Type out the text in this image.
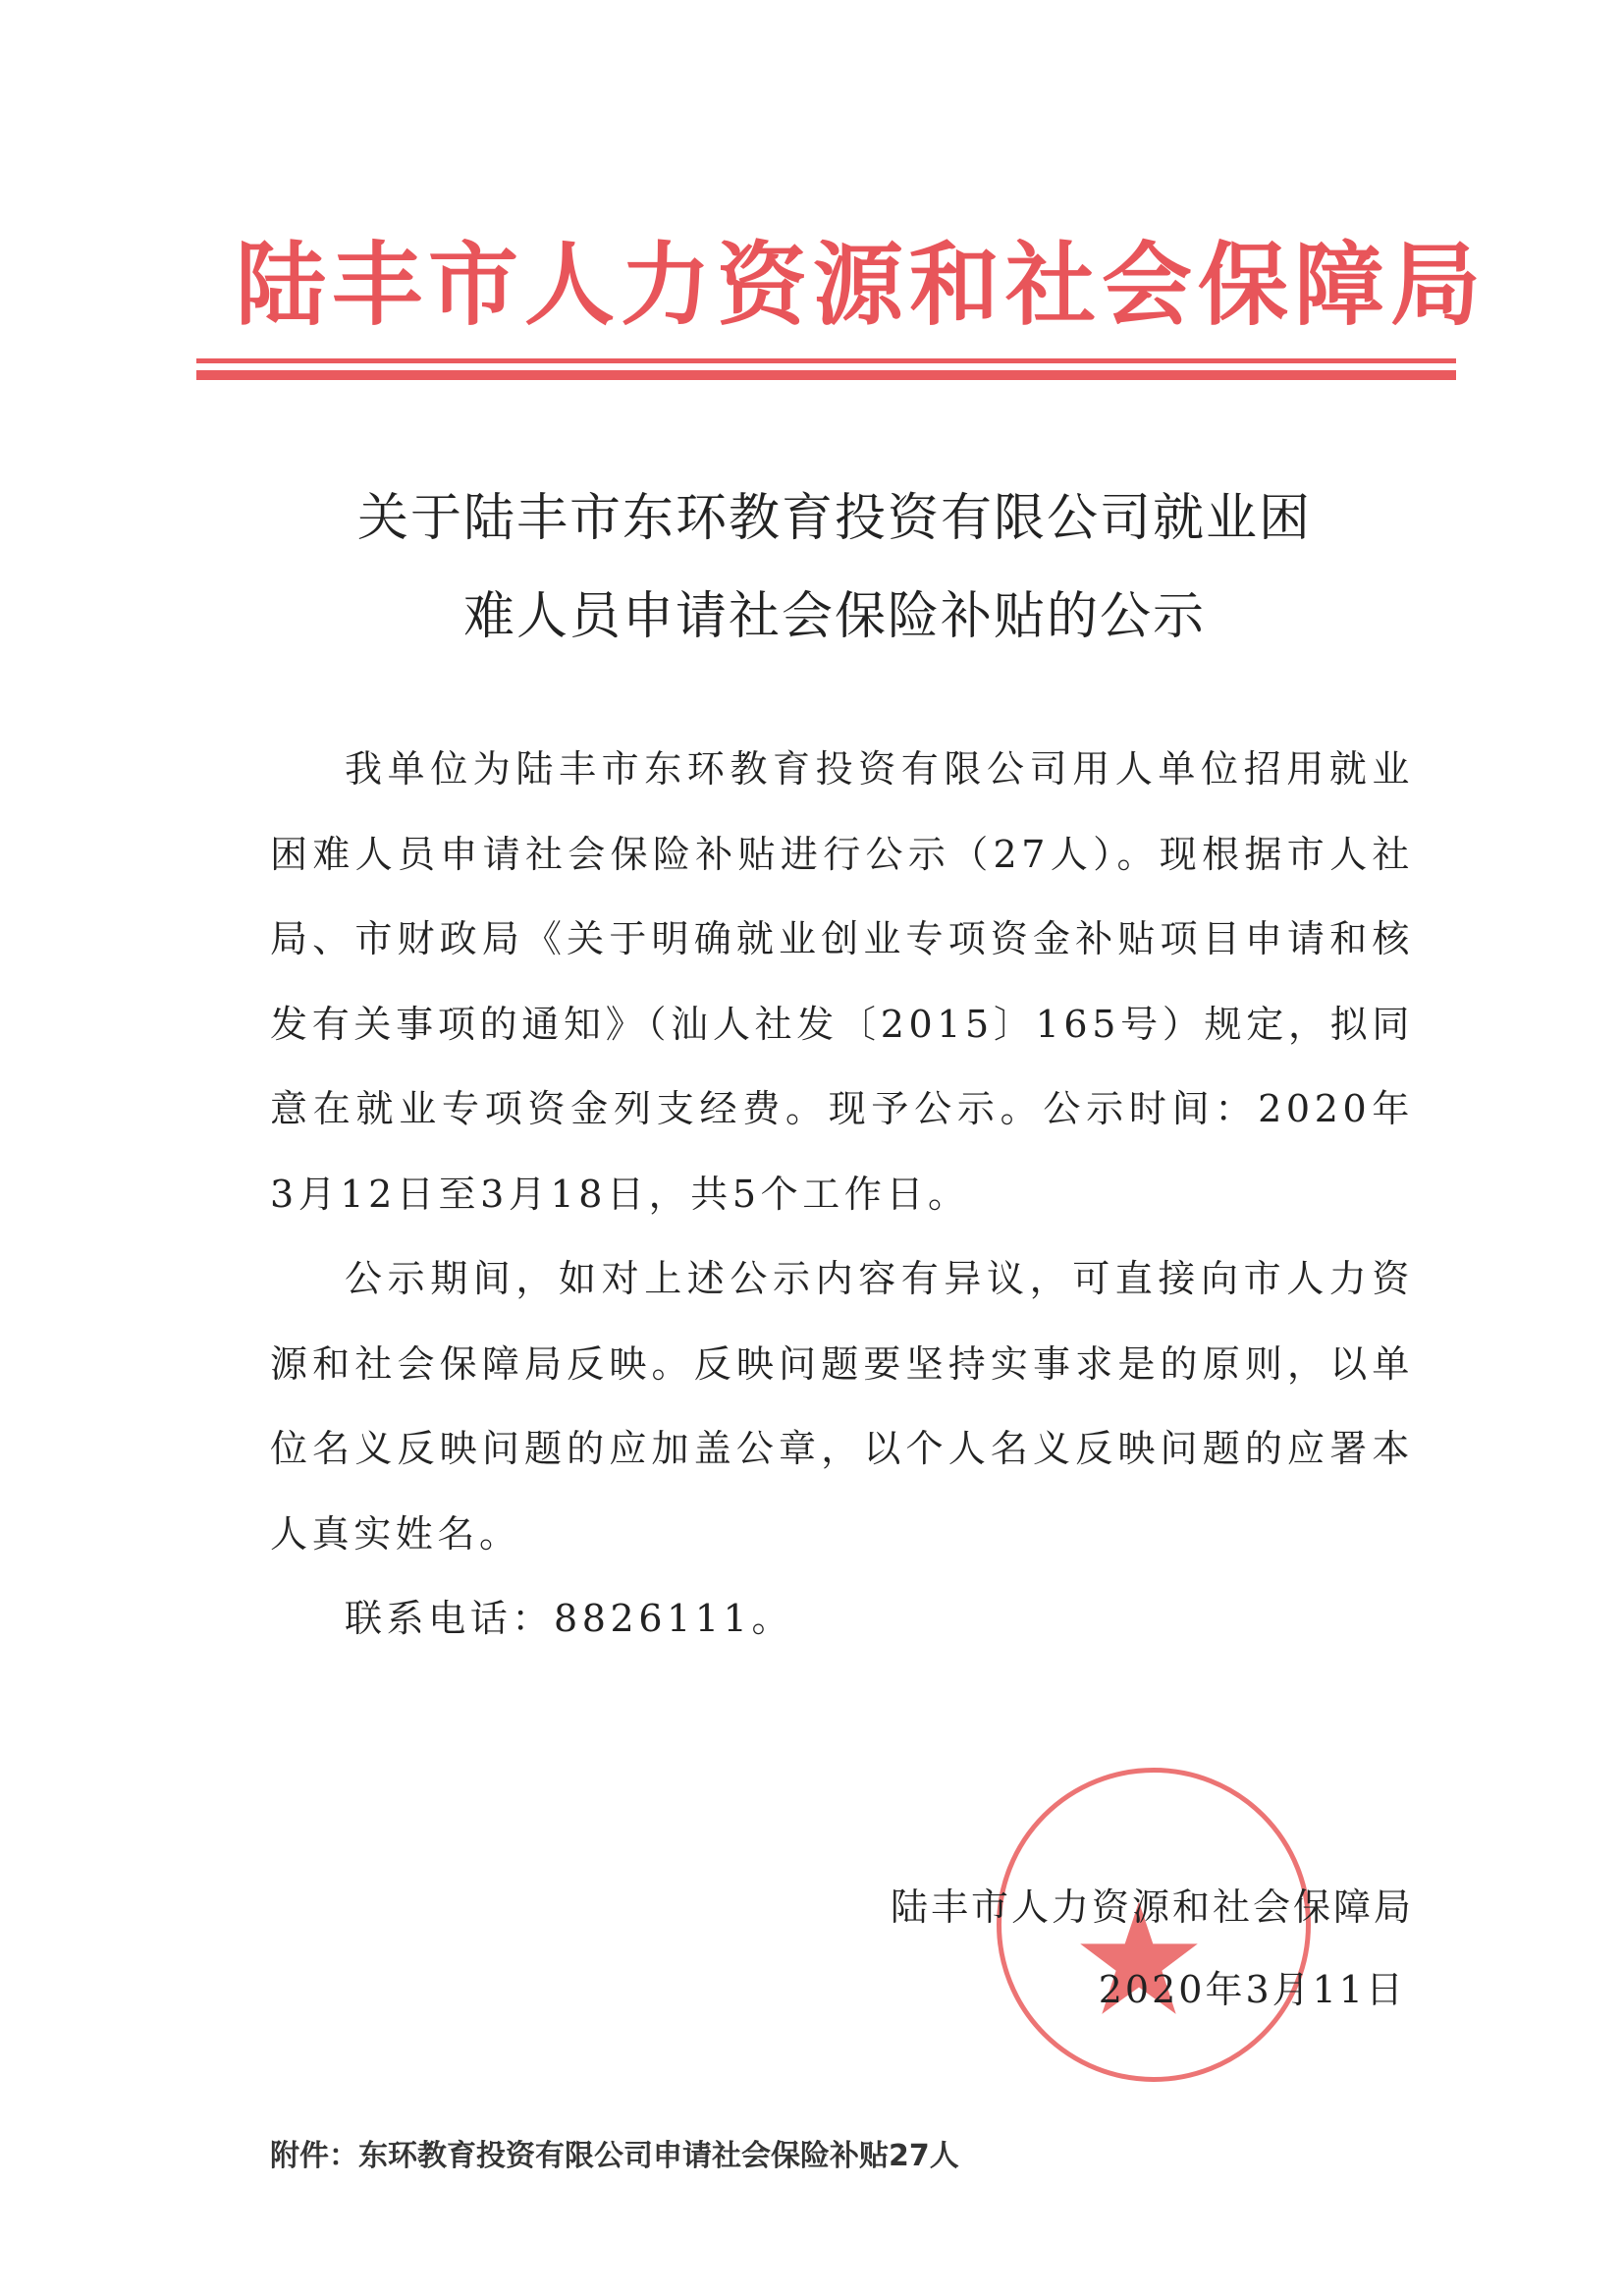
陆丰市人力资源和社会保障局
关于陆丰市东环教育投资有限公司就业困
难人员申请社会保险补贴的公示

我单位为陆丰市东环教育投资有限公司用人单位招用就业困难人员申请社会保险补贴进行公示（27人）。现根据市人社局、市财政局《关于明确就业创业专项资金补贴项目申请和核发有关事项的通知》（汕人社发〔2015〕165号）规定，拟同意在就业专项资金列支经费。现予公示。公示时间：2020年3月12日至3月18日，共5个工作日。

公示期间，如对上述公示内容有异议，可直接向市人力资源和社会保障局反映。反映问题要坚持实事求是的原则，以单位名义反映问题的应加盖公章，以个人名义反映问题的应署本人真实姓名。

联系电话：8826111。

陆丰市人力资源和社会保障局
2020年3月11日
附件：东环教育投资有限公司申请社会保险补贴27人
